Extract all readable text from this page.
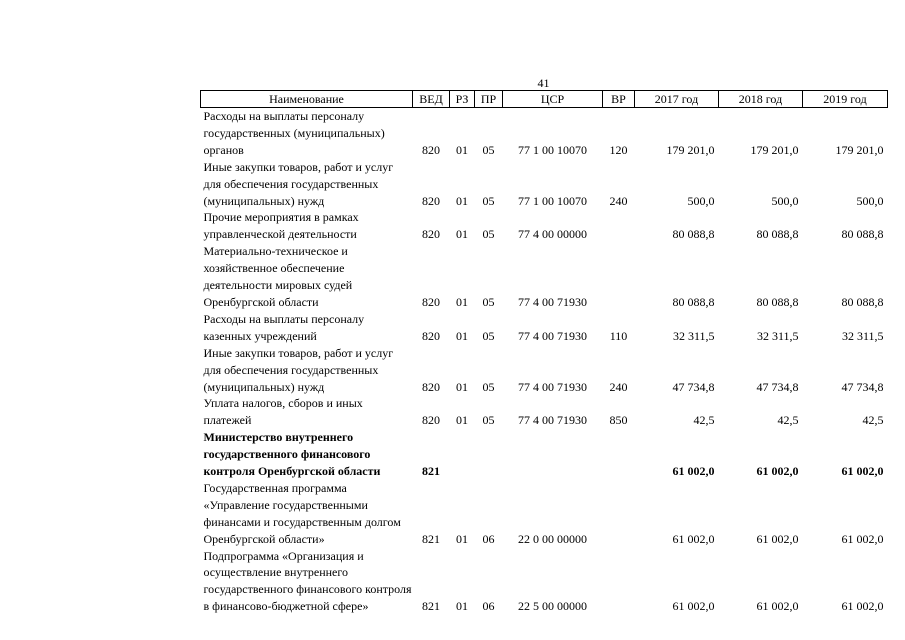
41
Наименование	ВЕД	РЗ	ПР	ЦСР	ВР	2017 год	2018 год	2019 год
Расходы на выплаты персоналу государственных (муниципальных) органов	820	01	05	77 1 00 10070	120	179 201,0	179 201,0	179 201,0
Иные закупки товаров, работ и услуг для обеспечения государственных (муниципальных) нужд	820	01	05	77 1 00 10070	240	500,0	500,0	500,0
Прочие мероприятия в рамках управленческой деятельности	820	01	05	77 4 00 00000		80 088,8	80 088,8	80 088,8
Материально-техническое и хозяйственное обеспечение деятельности мировых судей Оренбургской области	820	01	05	77 4 00 71930		80 088,8	80 088,8	80 088,8
Расходы на выплаты персоналу казенных учреждений	820	01	05	77 4 00 71930	110	32 311,5	32 311,5	32 311,5
Иные закупки товаров, работ и услуг для обеспечения государственных (муниципальных) нужд	820	01	05	77 4 00 71930	240	47 734,8	47 734,8	47 734,8
Уплата налогов, сборов и иных платежей	820	01	05	77 4 00 71930	850	42,5	42,5	42,5
Министерство внутреннего государственного финансового контроля Оренбургской области	821					61 002,0	61 002,0	61 002,0
Государственная программа «Управление государственными финансами и государственным долгом Оренбургской области»	821	01	06	22 0 00 00000		61 002,0	61 002,0	61 002,0
Подпрограмма «Организация и осуществление внутреннего государственного финансового контроля в финансово-бюджетной сфере»	821	01	06	22 5 00 00000		61 002,0	61 002,0	61 002,0
